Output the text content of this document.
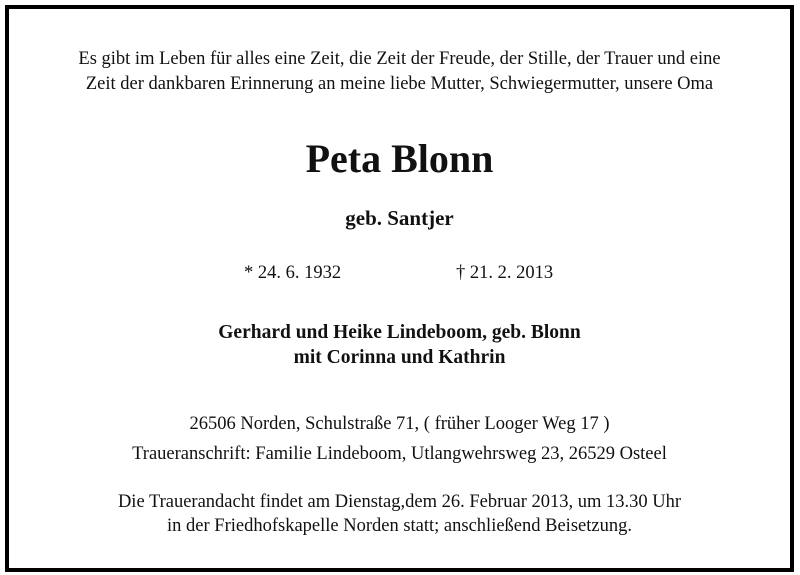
Es gibt im Leben für alles eine Zeit, die Zeit der Freude, der Stille, der Trauer und eine
Zeit der dankbaren Erinnerung an meine liebe Mutter, Schwiegermutter, unsere Oma
Peta Blonn
geb. Santjer
* 24. 6. 1932	† 21. 2. 2013
Gerhard und Heike Lindeboom, geb. Blonn
mit Corinna und Kathrin
26506 Norden, Schulstraße 71, ( früher Looger Weg 17 )
Traueranschrift: Familie Lindeboom, Utlangwehrsweg 23, 26529 Osteel
Die Trauerandacht findet am Dienstag,dem 26. Februar 2013, um 13.30 Uhr
in der Friedhofskapelle Norden statt; anschließend Beisetzung.
